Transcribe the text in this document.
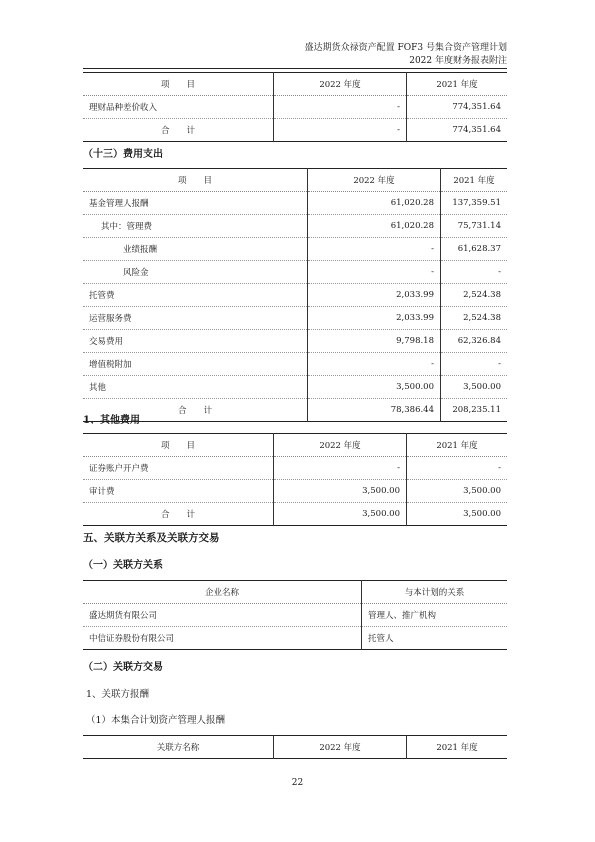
盛达期货众禄资产配置 FOF3 号集合资产管理计划
2022 年度财务报表附注
项　　目	2022 年度	2021 年度
理财品种差价收入	-	774,351.64
合　　计	-	774,351.64
（十三）费用支出
项　　目	2022 年度	2021 年度
基金管理人报酬	61,020.28	137,359.51
其中：管理费	61,020.28	75,731.14
业绩报酬	-	61,628.37
风险金	-	-
托管费	2,033.99	2,524.38
运营服务费	2,033.99	2,524.38
交易费用	9,798.18	62,326.84
增值税附加	-	-
其他	3,500.00	3,500.00
合　　计	78,386.44	208,235.11
1、其他费用
项　　目	2022 年度	2021 年度
证券账户开户费	-	-
审计费	3,500.00	3,500.00
合　　计	3,500.00	3,500.00
五、关联方关系及关联方交易
（一）关联方关系
企业名称	与本计划的关系
盛达期货有限公司	管理人、推广机构
中信证券股份有限公司	托管人
（二）关联方交易
1、关联方报酬
（1）本集合计划资产管理人报酬
关联方名称	2022 年度	2021 年度
22
